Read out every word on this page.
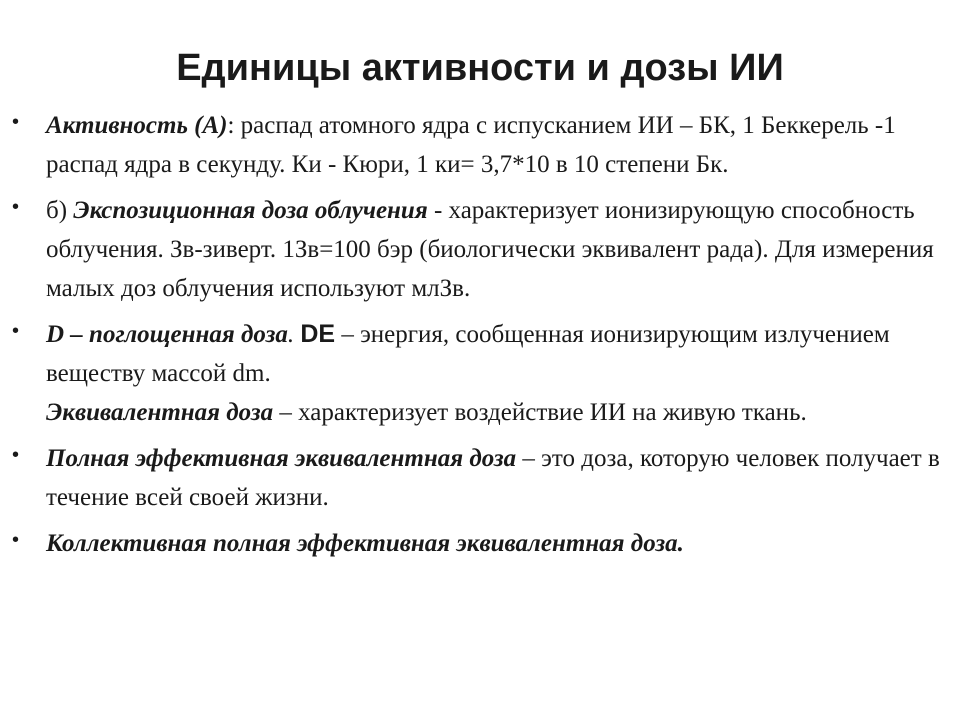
Единицы активности и дозы ИИ
• Активность (А): распад атомного ядра с испусканием ИИ – БК, 1 Беккерель -1 распад ядра в секунду. Ки - Кюри, 1 ки= 3,7*10 в 10 степени Бк.
• б) Экспозиционная доза облучения - характеризует ионизирующую способность облучения. Зв-зиверт. 1Зв=100 бэр (биологически эквивалент рада). Для измерения малых доз облучения используют млЗв.
• D – поглощенная доза. DE – энергия, сообщенная ионизирующим излучением веществу массой dm.
Эквивалентная доза – характеризует воздействие ИИ на живую ткань.
• Полная эффективная эквивалентная доза – это доза, которую человек получает в течение всей своей жизни.
• Коллективная полная эффективная эквивалентная доза.
